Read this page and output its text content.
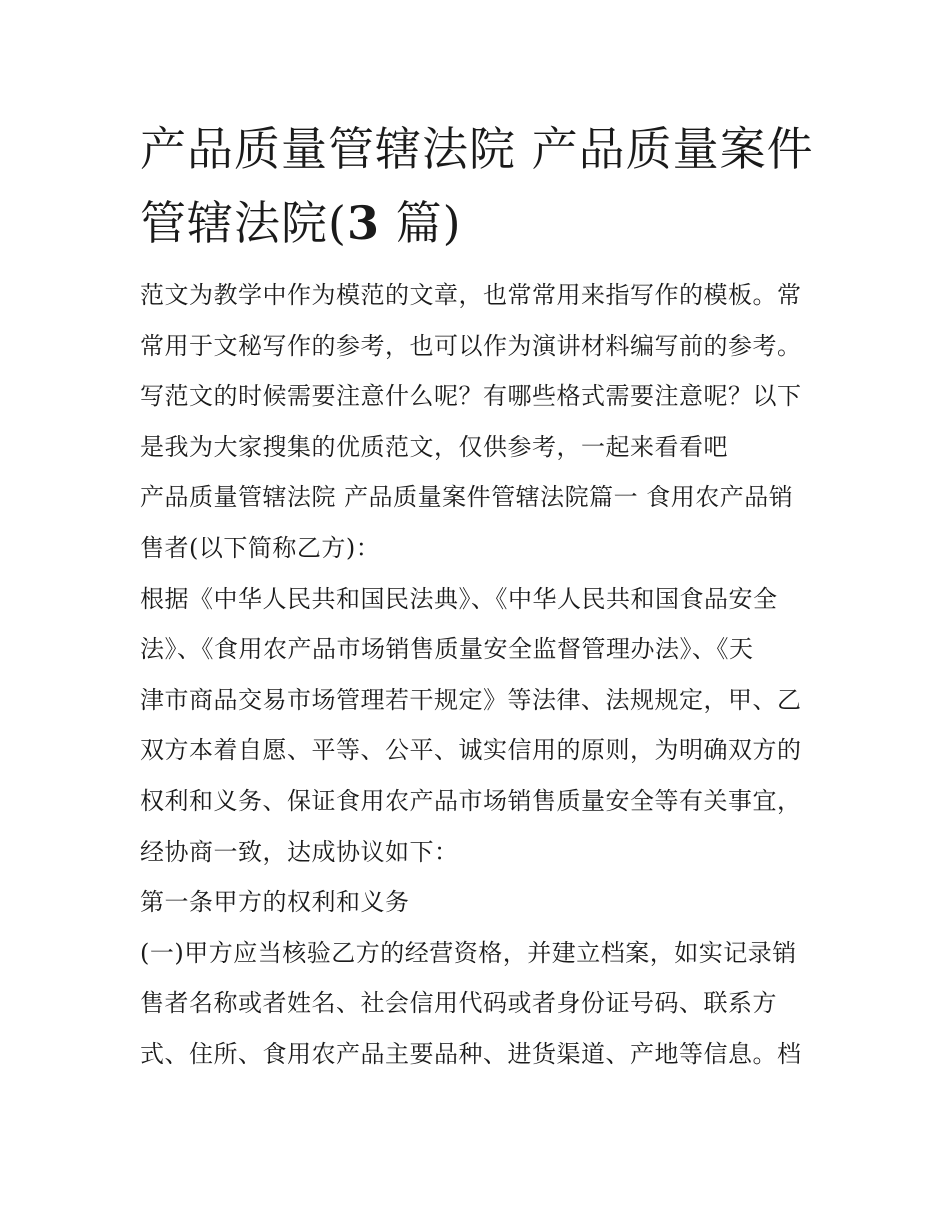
产品质量管辖法院 产品质量案件管辖法院(3 篇)

范文为教学中作为模范的文章，也常常用来指写作的模板。常

常用于文秘写作的参考，也可以作为演讲材料编写前的参考。

写范文的时候需要注意什么呢？有哪些格式需要注意呢？以下

是我为大家搜集的优质范文，仅供参考，一起来看看吧

产品质量管辖法院 产品质量案件管辖法院篇一 食用农产品销

售者(以下简称乙方)：

根据《中华人民共和国民法典》、《中华人民共和国食品安全

法》、《食用农产品市场销售质量安全监督管理办法》、《天

津市商品交易市场管理若干规定》等法律、法规规定，甲、乙

双方本着自愿、平等、公平、诚实信用的原则，为明确双方的

权利和义务、保证食用农产品市场销售质量安全等有关事宜，

经协商一致，达成协议如下：

第一条甲方的权利和义务

(一)甲方应当核验乙方的经营资格，并建立档案，如实记录销

售者名称或者姓名、社会信用代码或者身份证号码、联系方

式、住所、食用农产品主要品种、进货渠道、产地等信息。档
